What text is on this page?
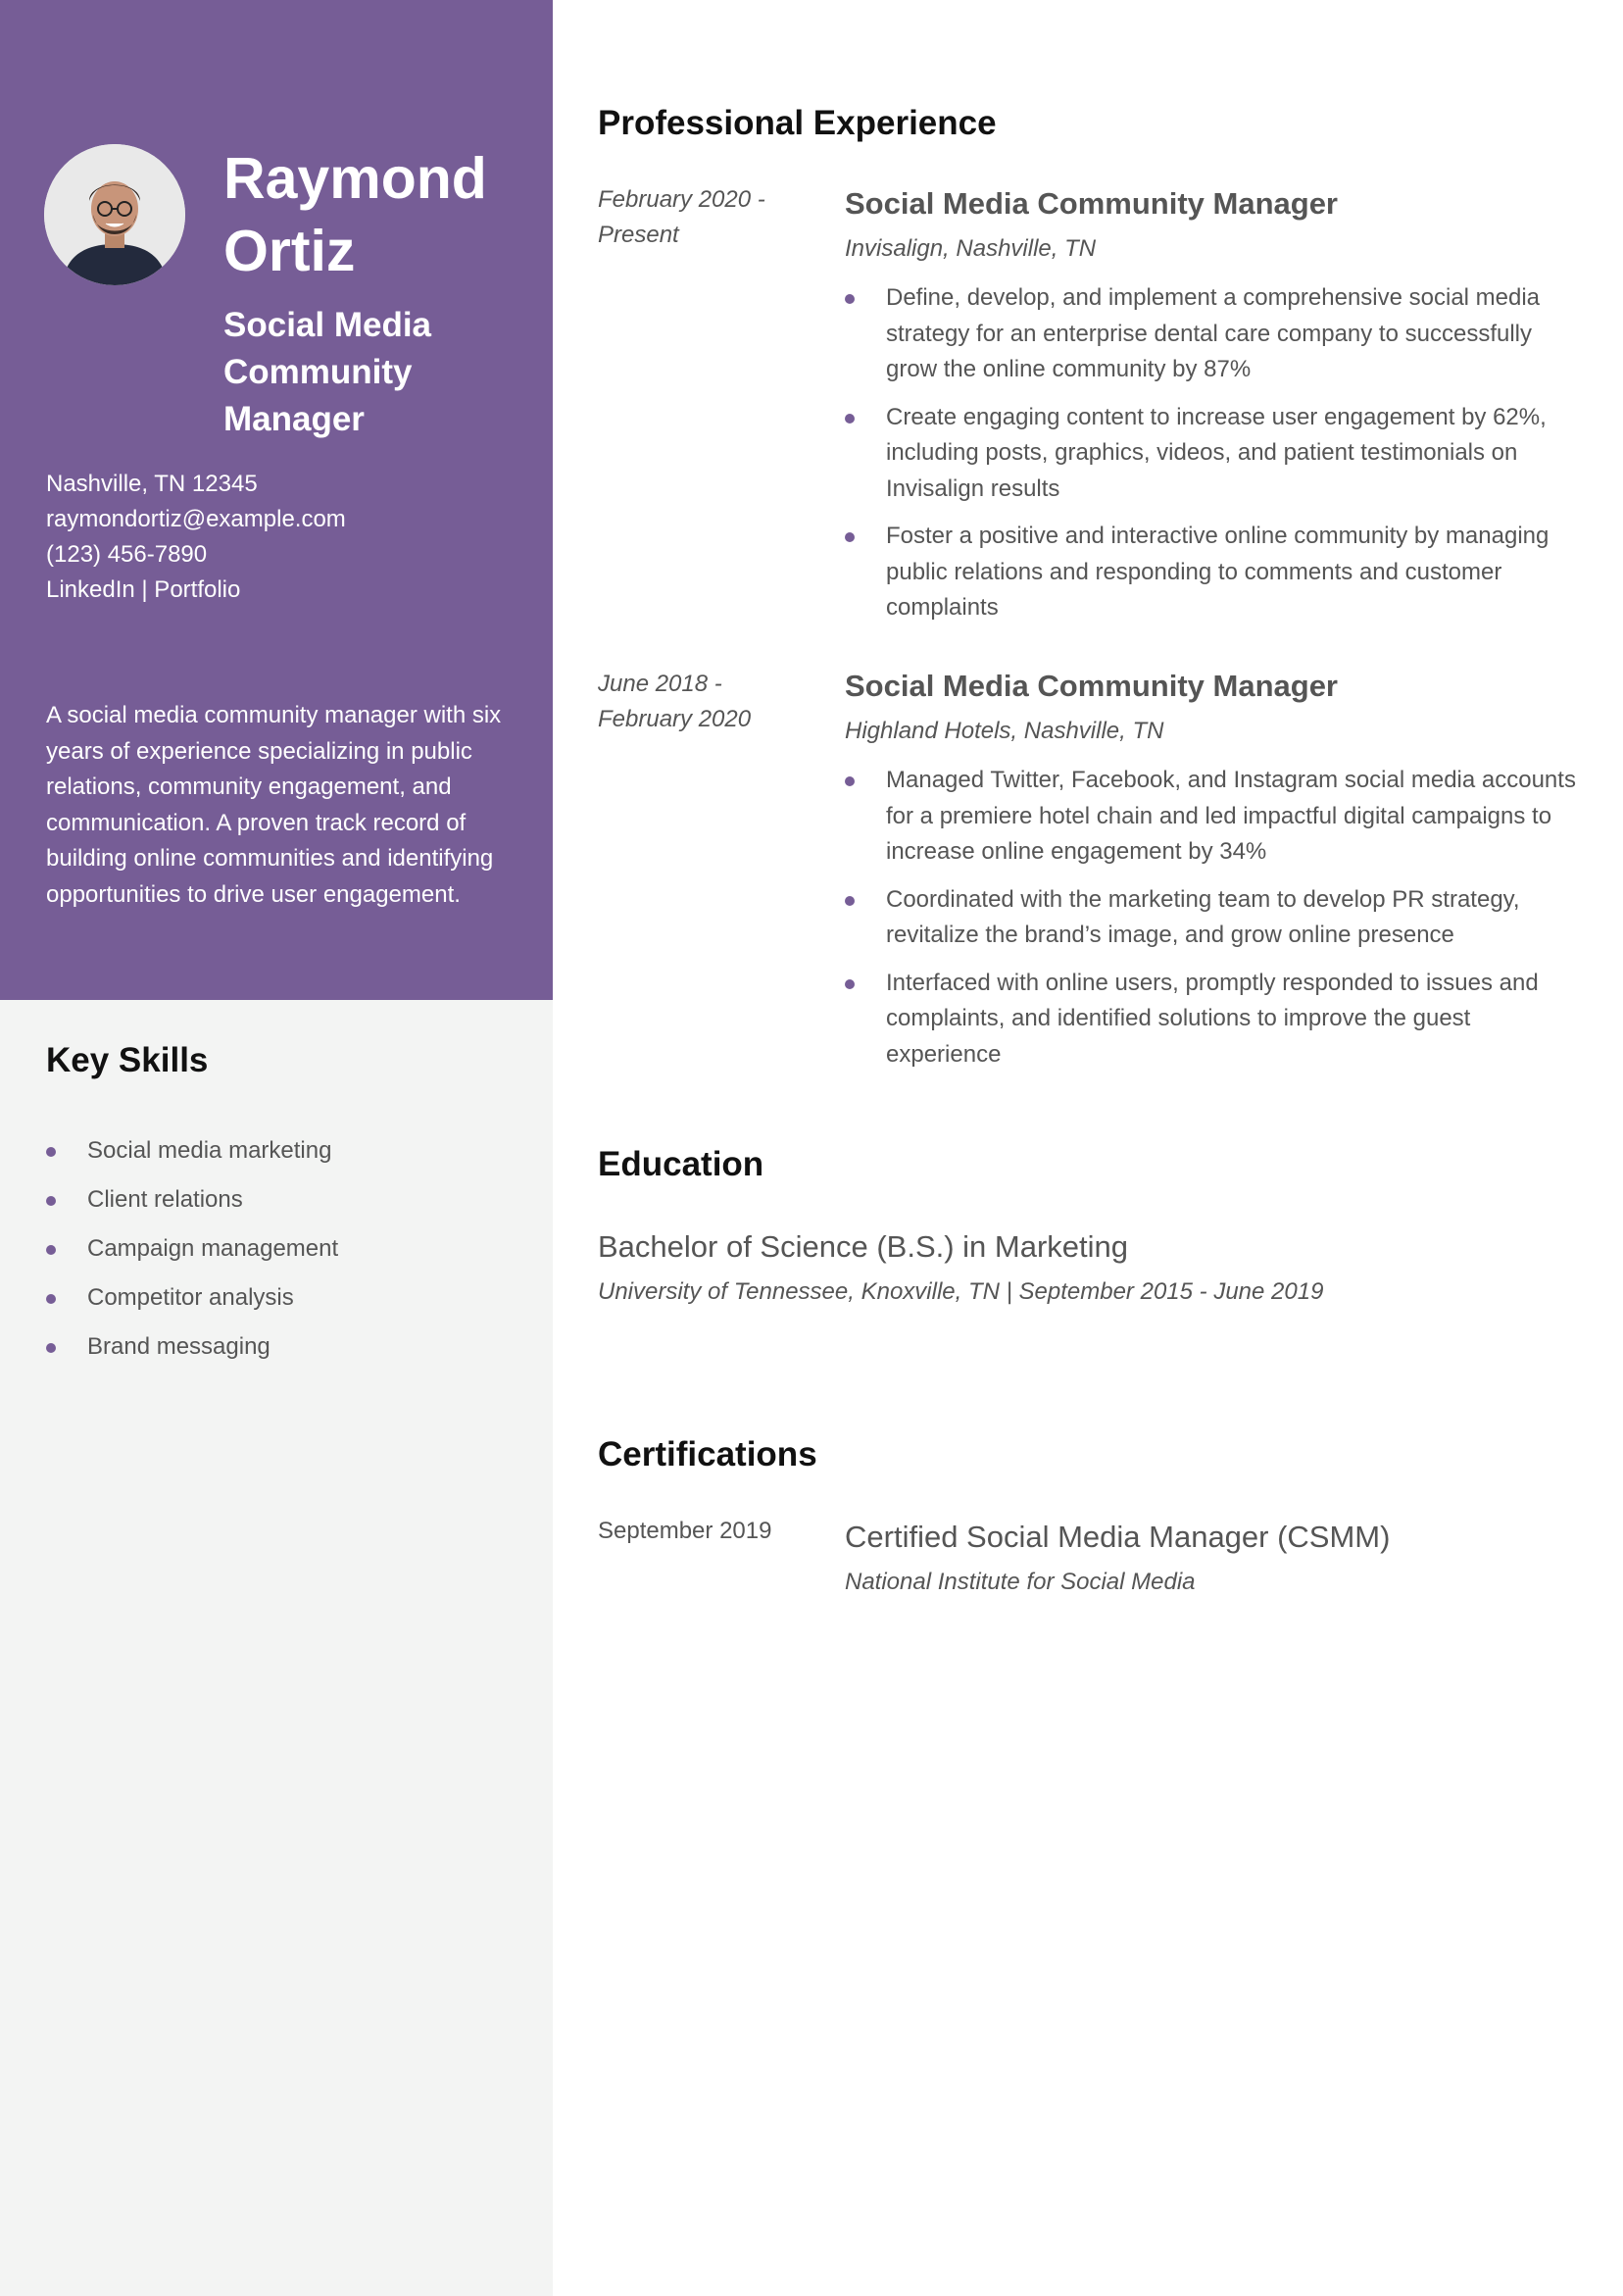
Raymond
Ortiz
Social Media
Community
Manager
Nashville, TN 12345
raymondortiz@example.com
(123) 456-7890
LinkedIn | Portfolio
A social media community manager with six years of experience specializing in public relations, community engagement, and communication. A proven track record of building online communities and identifying opportunities to drive user engagement.
Key Skills
Social media marketing
Client relations
Campaign management
Competitor analysis
Brand messaging
Professional Experience
February 2020 -
Present
Social Media Community Manager
Invisalign, Nashville, TN
Define, develop, and implement a comprehensive social media strategy for an enterprise dental care company to successfully grow the online community by 87%
Create engaging content to increase user engagement by 62%, including posts, graphics, videos, and patient testimonials on Invisalign results
Foster a positive and interactive online community by managing public relations and responding to comments and customer complaints
June 2018 -
February 2020
Social Media Community Manager
Highland Hotels, Nashville, TN
Managed Twitter, Facebook, and Instagram social media accounts for a premiere hotel chain and led impactful digital campaigns to increase online engagement by 34%
Coordinated with the marketing team to develop PR strategy, revitalize the brand’s image, and grow online presence
Interfaced with online users, promptly responded to issues and complaints, and identified solutions to improve the guest experience
Education
Bachelor of Science (B.S.) in Marketing
University of Tennessee, Knoxville, TN | September 2015 - June 2019
Certifications
September 2019	Certified Social Media Manager (CSMM)
National Institute for Social Media
